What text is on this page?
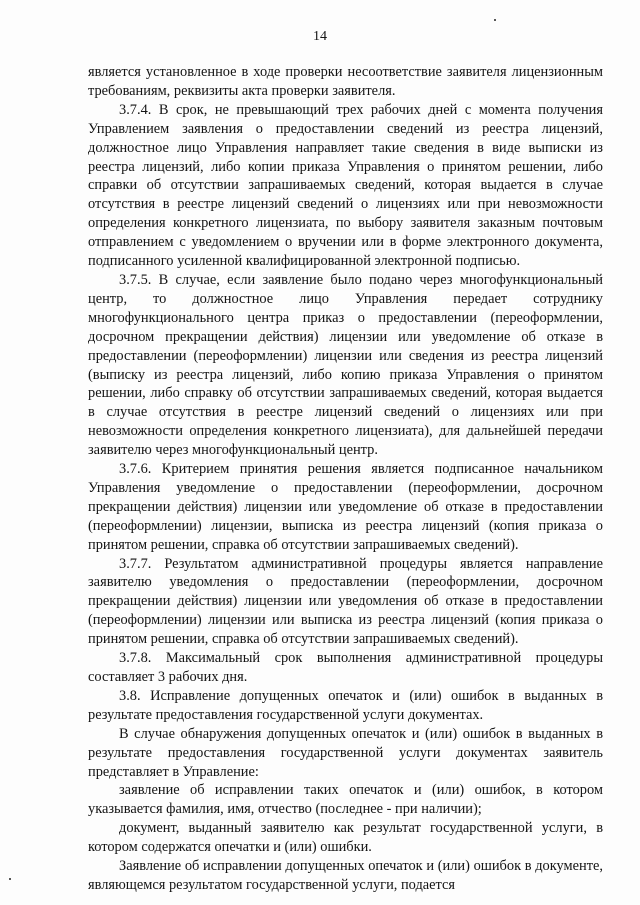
14

является установленное в ходе проверки несоответствие заявителя лицензионным требованиям, реквизиты акта проверки заявителя.

3.7.4. В срок, не превышающий трех рабочих дней с момента получения Управлением заявления о предоставлении сведений из реестра лицензий, должностное лицо Управления направляет такие сведения в виде выписки из реестра лицензий, либо копии приказа Управления о принятом решении, либо справки об отсутствии запрашиваемых сведений, которая выдается в случае отсутствия в реестре лицензий сведений о лицензиях или при невозможности определения конкретного лицензиата, по выбору заявителя заказным почтовым отправлением с уведомлением о вручении или в форме электронного документа, подписанного усиленной квалифицированной электронной подписью.

3.7.5. В случае, если заявление было подано через многофункциональный центр, то должностное лицо Управления передает сотруднику многофункционального центра приказ о предоставлении (переоформлении, досрочном прекращении действия) лицензии или уведомление об отказе в предоставлении (переоформлении) лицензии или сведения из реестра лицензий (выписку из реестра лицензий, либо копию приказа Управления о принятом решении, либо справку об отсутствии запрашиваемых сведений, которая выдается в случае отсутствия в реестре лицензий сведений о лицензиях или при невозможности определения конкретного лицензиата), для дальнейшей передачи заявителю через многофункциональный центр.

3.7.6. Критерием принятия решения является подписанное начальником Управления уведомление о предоставлении (переоформлении, досрочном прекращении действия) лицензии или уведомление об отказе в предоставлении (переоформлении) лицензии, выписка из реестра лицензий (копия приказа о принятом решении, справка об отсутствии запрашиваемых сведений).

3.7.7. Результатом административной процедуры является направление заявителю уведомления о предоставлении (переоформлении, досрочном прекращении действия) лицензии или уведомления об отказе в предоставлении (переоформлении) лицензии или выписка из реестра лицензий (копия приказа о принятом решении, справка об отсутствии запрашиваемых сведений).

3.7.8. Максимальный срок выполнения административной процедуры составляет 3 рабочих дня.

3.8. Исправление допущенных опечаток и (или) ошибок в выданных в результате предоставления государственной услуги документах.

В случае обнаружения допущенных опечаток и (или) ошибок в выданных в результате предоставления государственной услуги документах заявитель представляет в Управление:

заявление об исправлении таких опечаток и (или) ошибок, в котором указывается фамилия, имя, отчество (последнее - при наличии);

документ, выданный заявителю как результат государственной услуги, в котором содержатся опечатки и (или) ошибки.

Заявление об исправлении допущенных опечаток и (или) ошибок в документе, являющемся результатом государственной услуги, подается
